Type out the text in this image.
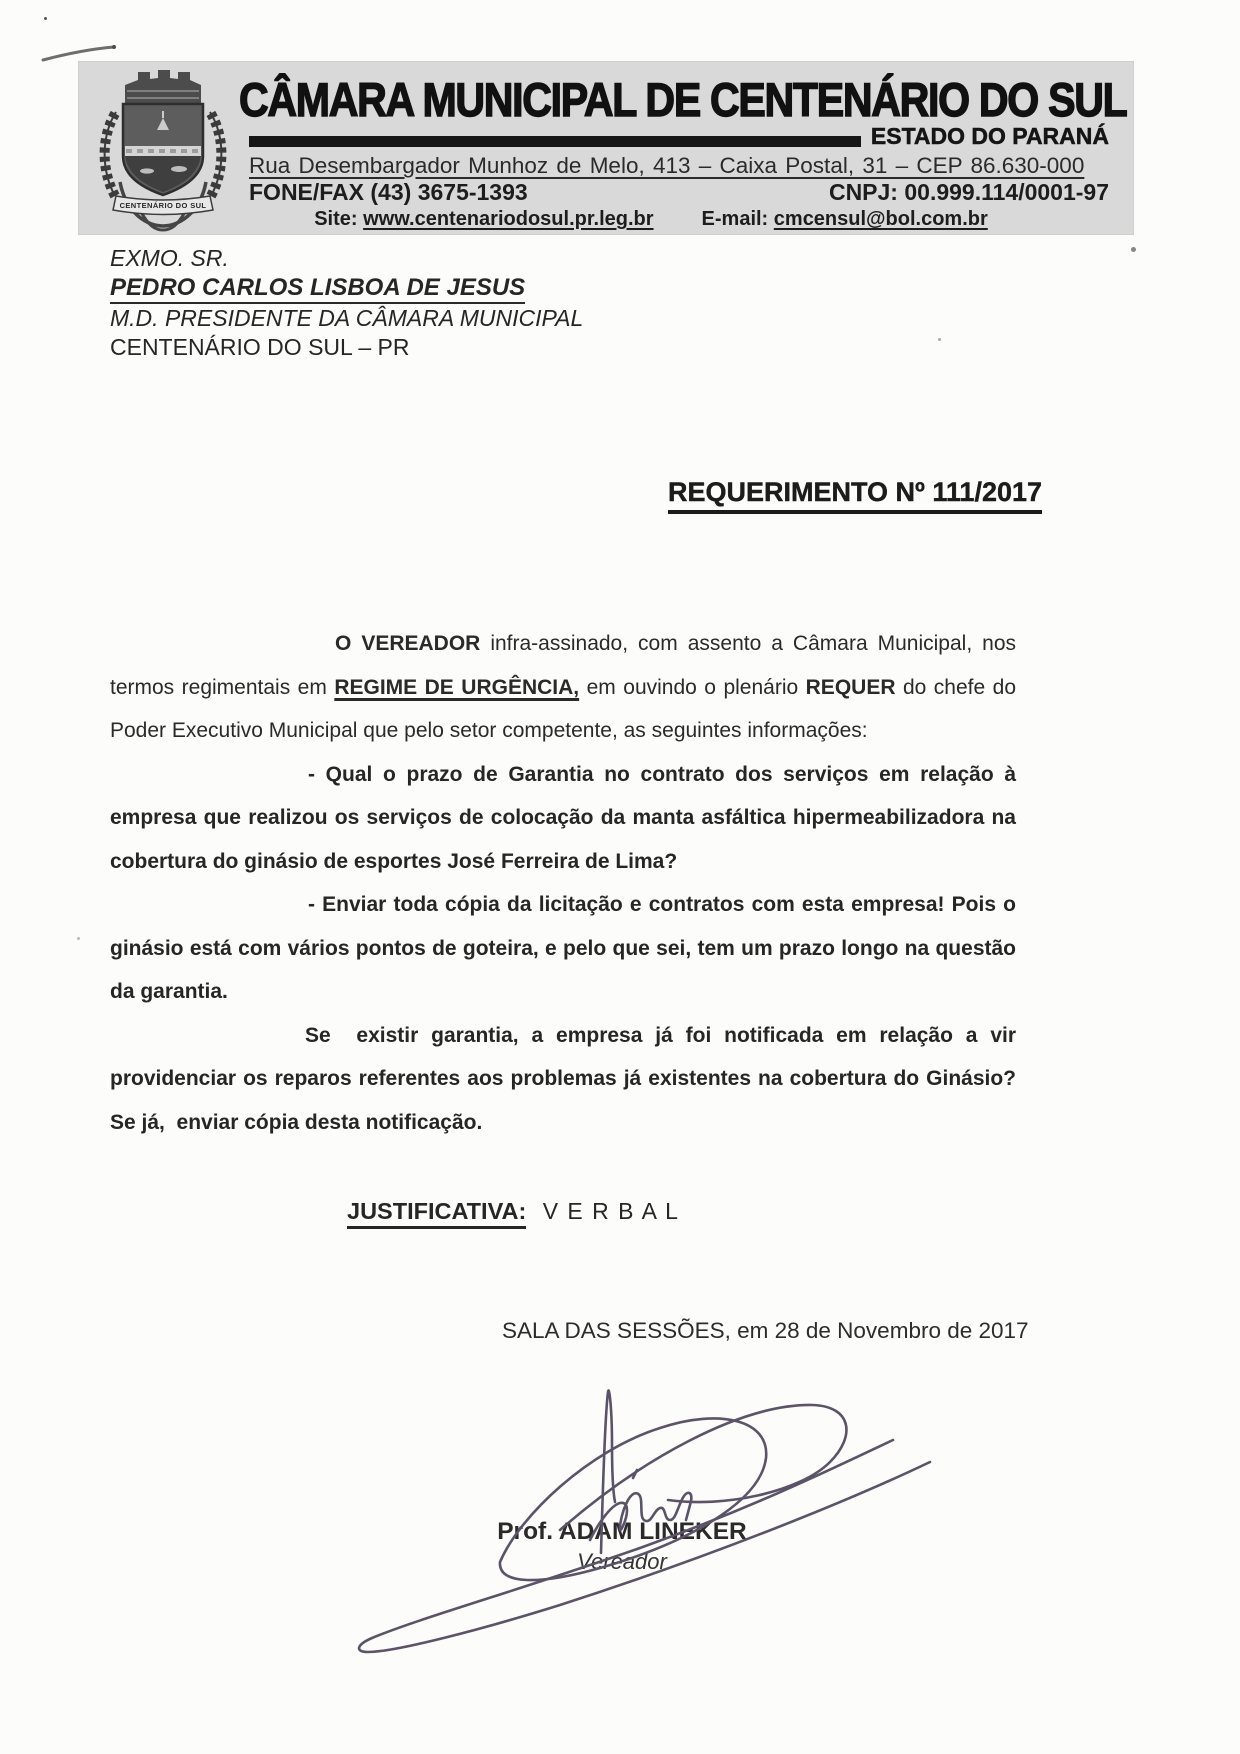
CENTENÁRIO DO SUL
CÂMARA MUNICIPAL DE CENTENÁRIO DO SUL
ESTADO DO PARANÁ
Rua Desembargador Munhoz de Melo, 413 – Caixa Postal, 31 – CEP 86.630-000
FONE/FAX (43) 3675-1393	CNPJ: 00.999.114/0001-97
Site: www.centenariodosul.pr.leg.br E-mail: cmcensul@bol.com.br
EXMO. SR.
PEDRO CARLOS LISBOA DE JESUS
M.D. PRESIDENTE DA CÂMARA MUNICIPAL
CENTENÁRIO DO SUL – PR
REQUERIMENTO Nº 111/2017

O VEREADOR infra-assinado, com assento a Câmara Municipal, nos termos regimentais em REGIME DE URGÊNCIA, em ouvindo o plenário REQUER do chefe do Poder Executivo Municipal que pelo setor competente, as seguintes informações:

- Qual o prazo de Garantia no contrato dos serviços em relação à empresa que realizou os serviços de colocação da manta asfáltica hipermeabilizadora na cobertura do ginásio de esportes José Ferreira de Lima?

- Enviar toda cópia da licitação e contratos com esta empresa! Pois o ginásio está com vários pontos de goteira, e pelo que sei, tem um prazo longo na questão da garantia.

Se  existir garantia, a empresa já foi notificada em relação a vir providenciar os reparos referentes aos problemas já existentes na cobertura do Ginásio?  Se já,  enviar cópia desta notificação.

JUSTIFICATIVA: V E R B A L
SALA DAS SESSÕES, em 28 de Novembro de 2017
Prof. ADAM LINEKER
Vereador
